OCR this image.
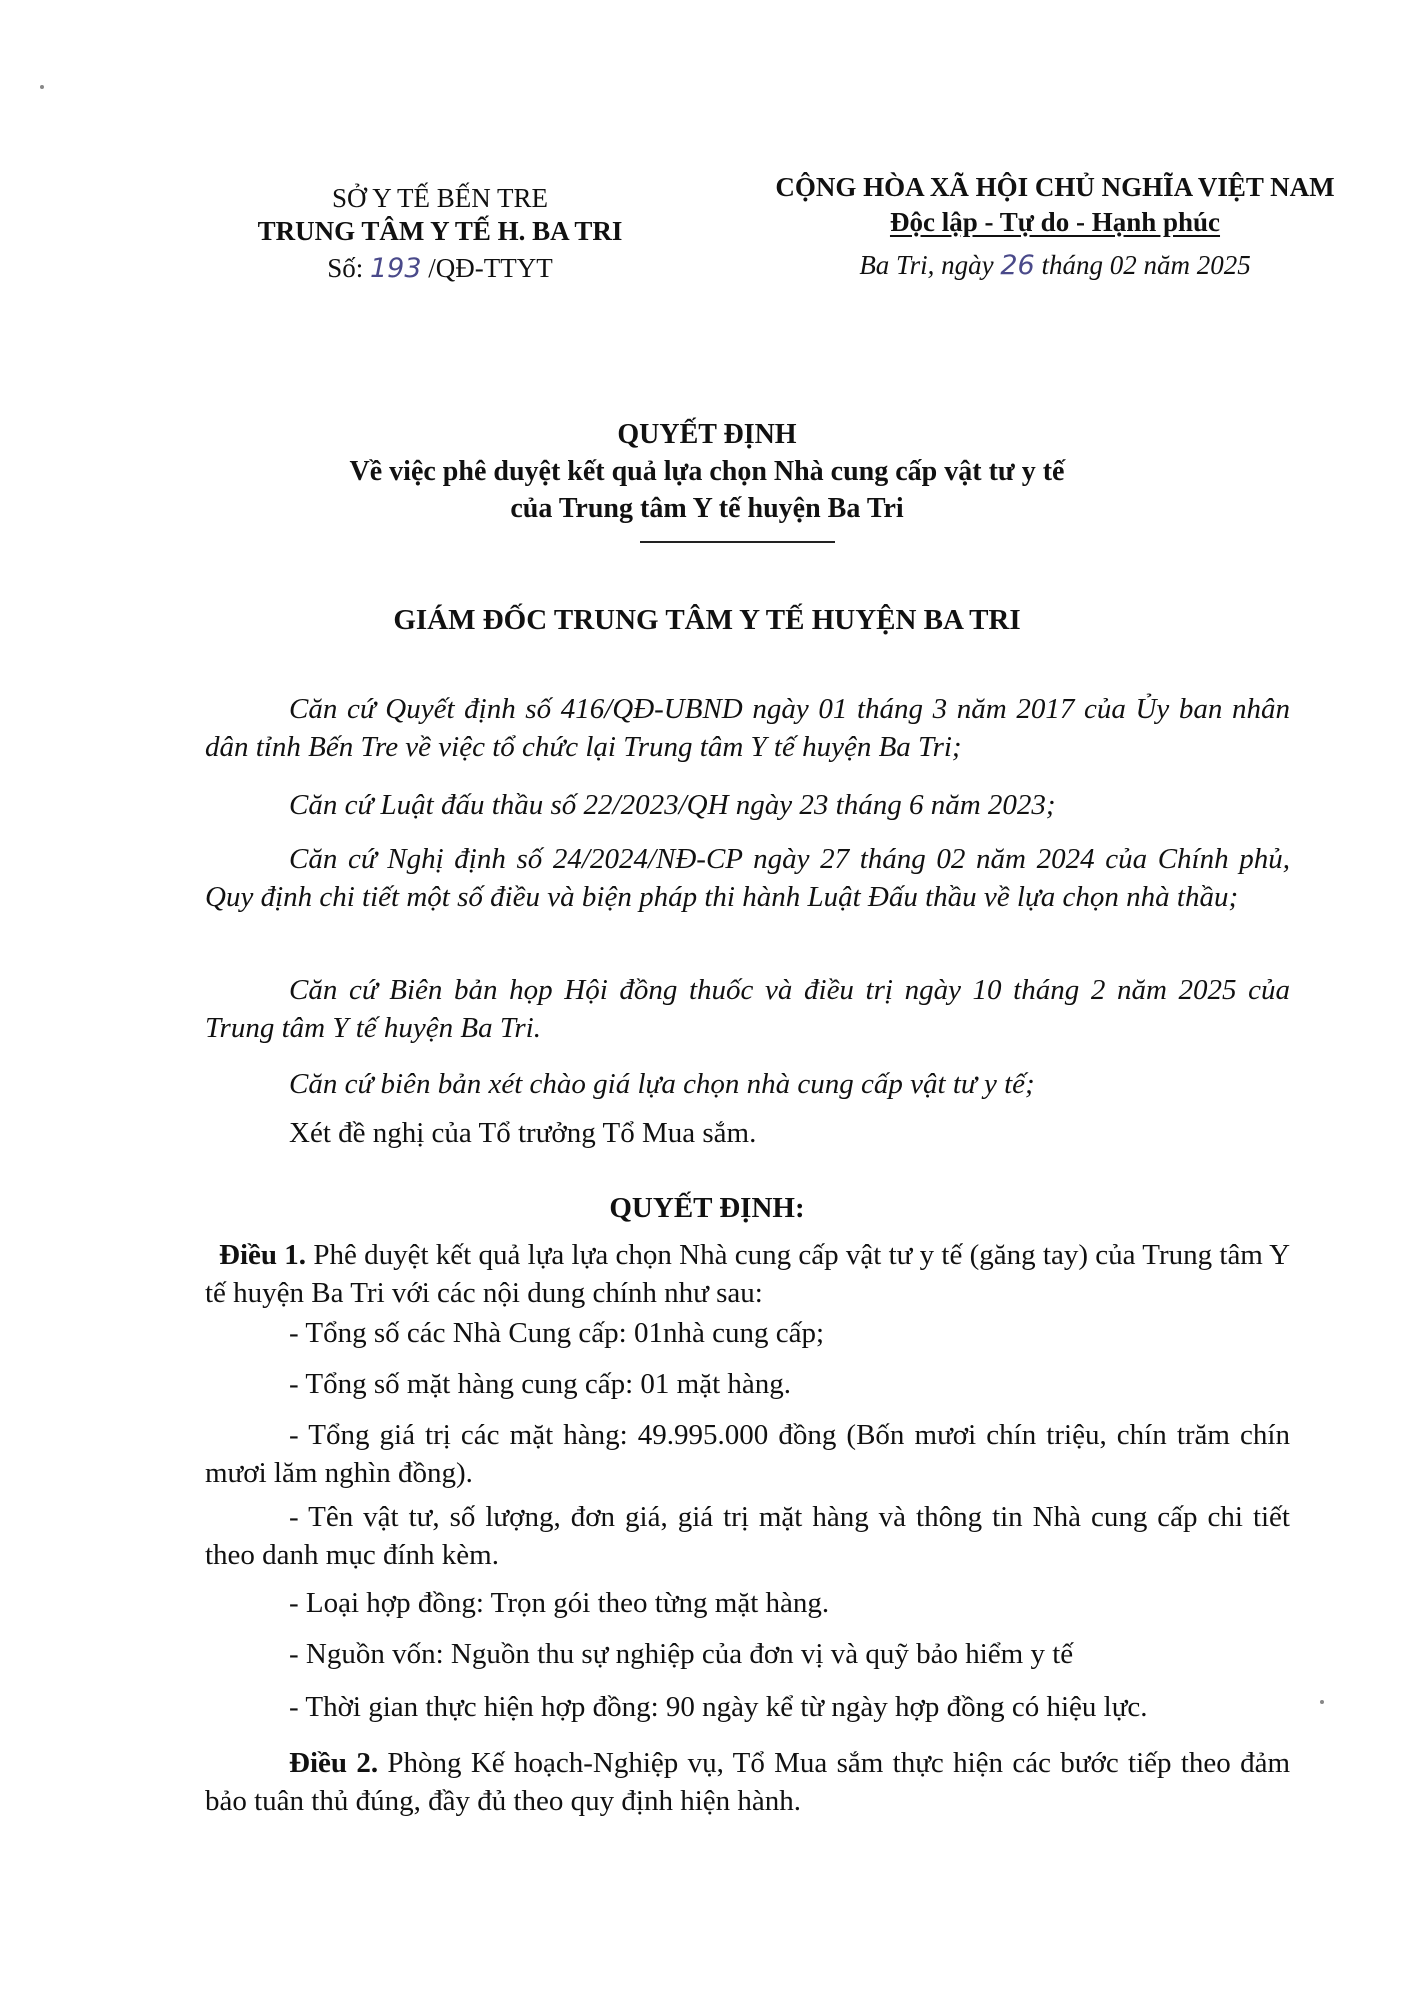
SỞ Y TẾ BẾN TRE
TRUNG TÂM Y TẾ H. BA TRI
Số: 193 /QĐ-TTYT
CỘNG HÒA XÃ HỘI CHỦ NGHĨA VIỆT NAM
Độc lập - Tự do - Hạnh phúc
Ba Tri, ngày 26 tháng 02 năm 2025
QUYẾT ĐỊNH
Về việc phê duyệt kết quả lựa chọn Nhà cung cấp vật tư y tế
của Trung tâm Y tế huyện Ba Tri
GIÁM ĐỐC TRUNG TÂM Y TẾ HUYỆN BA TRI
Căn cứ Quyết định số 416/QĐ-UBND ngày 01 tháng 3 năm 2017 của Ủy ban nhân dân tỉnh Bến Tre về việc tổ chức lại Trung tâm Y tế huyện Ba Tri;
Căn cứ Luật đấu thầu số 22/2023/QH ngày 23 tháng 6 năm 2023;
Căn cứ Nghị định số 24/2024/NĐ-CP ngày 27 tháng 02 năm 2024 của Chính phủ, Quy định chi tiết một số điều và biện pháp thi hành Luật Đấu thầu về lựa chọn nhà thầu;
Căn cứ Biên bản họp Hội đồng thuốc và điều trị ngày 10 tháng 2 năm 2025 của Trung tâm Y tế huyện Ba Tri.
Căn cứ biên bản xét chào giá lựa chọn nhà cung cấp vật tư y tế;
Xét đề nghị của Tổ trưởng Tổ Mua sắm.
QUYẾT ĐỊNH:
Điều 1. Phê duyệt kết quả lựa lựa chọn Nhà cung cấp vật tư y tế (găng tay) của Trung tâm Y tế huyện Ba Tri với các nội dung chính như sau:
- Tổng số các Nhà Cung cấp: 01nhà cung cấp;
- Tổng số mặt hàng cung cấp: 01 mặt hàng.
- Tổng giá trị các mặt hàng: 49.995.000 đồng (Bốn mươi chín triệu, chín trăm chín mươi lăm nghìn đồng).
- Tên vật tư, số lượng, đơn giá, giá trị mặt hàng và thông tin Nhà cung cấp chi tiết theo danh mục đính kèm.
- Loại hợp đồng: Trọn gói theo từng mặt hàng.
- Nguồn vốn: Nguồn thu sự nghiệp của đơn vị và quỹ bảo hiểm y tế
- Thời gian thực hiện hợp đồng: 90 ngày kể từ ngày hợp đồng có hiệu lực.
Điều 2. Phòng Kế hoạch-Nghiệp vụ, Tổ Mua sắm thực hiện các bước tiếp theo đảm bảo tuân thủ đúng, đầy đủ theo quy định hiện hành.
